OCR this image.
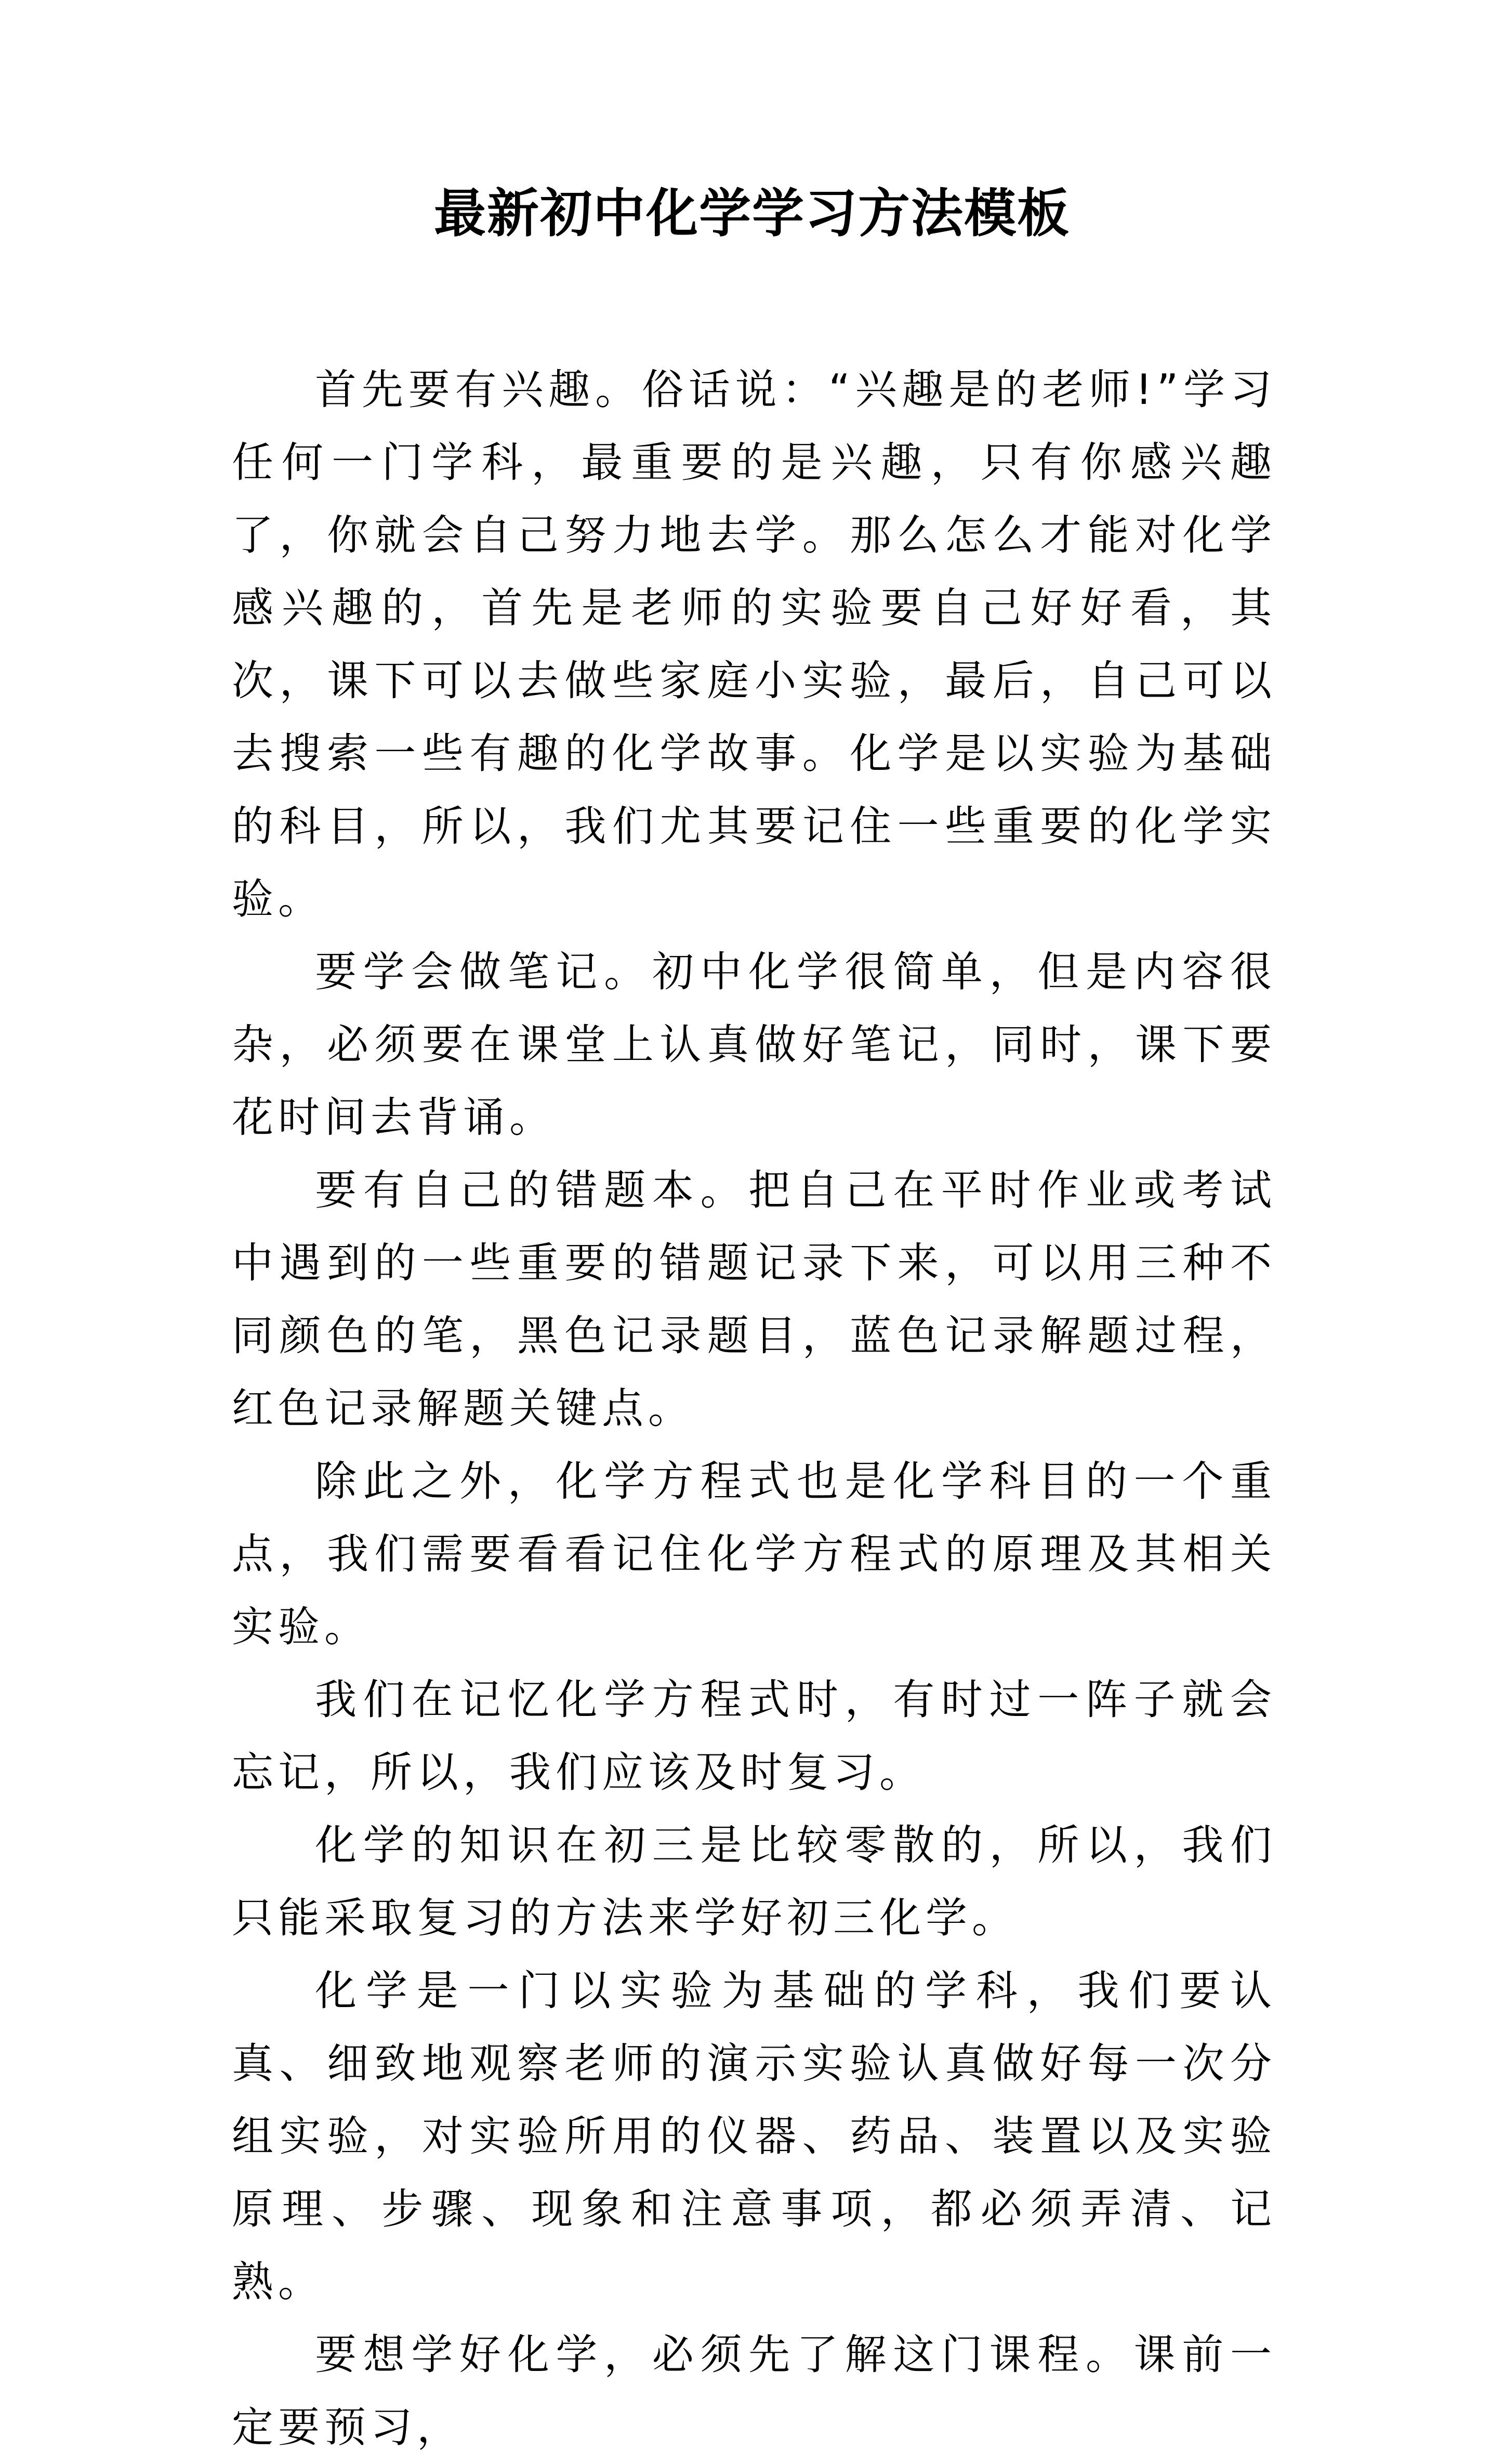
最新初中化学学习方法模板

首先要有兴趣。俗话说：“兴趣是的老师!”学习任何一门学科，最重要的是兴趣，只有你感兴趣了，你就会自己努力地去学。那么怎么才能对化学感兴趣的，首先是老师的实验要自己好好看，其次，课下可以去做些家庭小实验，最后，自己可以去搜索一些有趣的化学故事。化学是以实验为基础的科目，所以，我们尤其要记住一些重要的化学实验。

要学会做笔记。初中化学很简单，但是内容很杂，必须要在课堂上认真做好笔记，同时，课下要花时间去背诵。

要有自己的错题本。把自己在平时作业或考试中遇到的一些重要的错题记录下来，可以用三种不同颜色的笔，黑色记录题目，蓝色记录解题过程，红色记录解题关键点。

除此之外，化学方程式也是化学科目的一个重点，我们需要看看记住化学方程式的原理及其相关实验。

我们在记忆化学方程式时，有时过一阵子就会忘记，所以，我们应该及时复习。

化学的知识在初三是比较零散的，所以，我们只能采取复习的方法来学好初三化学。

化学是一门以实验为基础的学科，我们要认真、细致地观察老师的演示实验认真做好每一次分组实验，对实验所用的仪器、药品、装置以及实验原理、步骤、现象和注意事项，都必须弄清、记熟。

要想学好化学，必须先了解这门课程。课前一定要预习，
